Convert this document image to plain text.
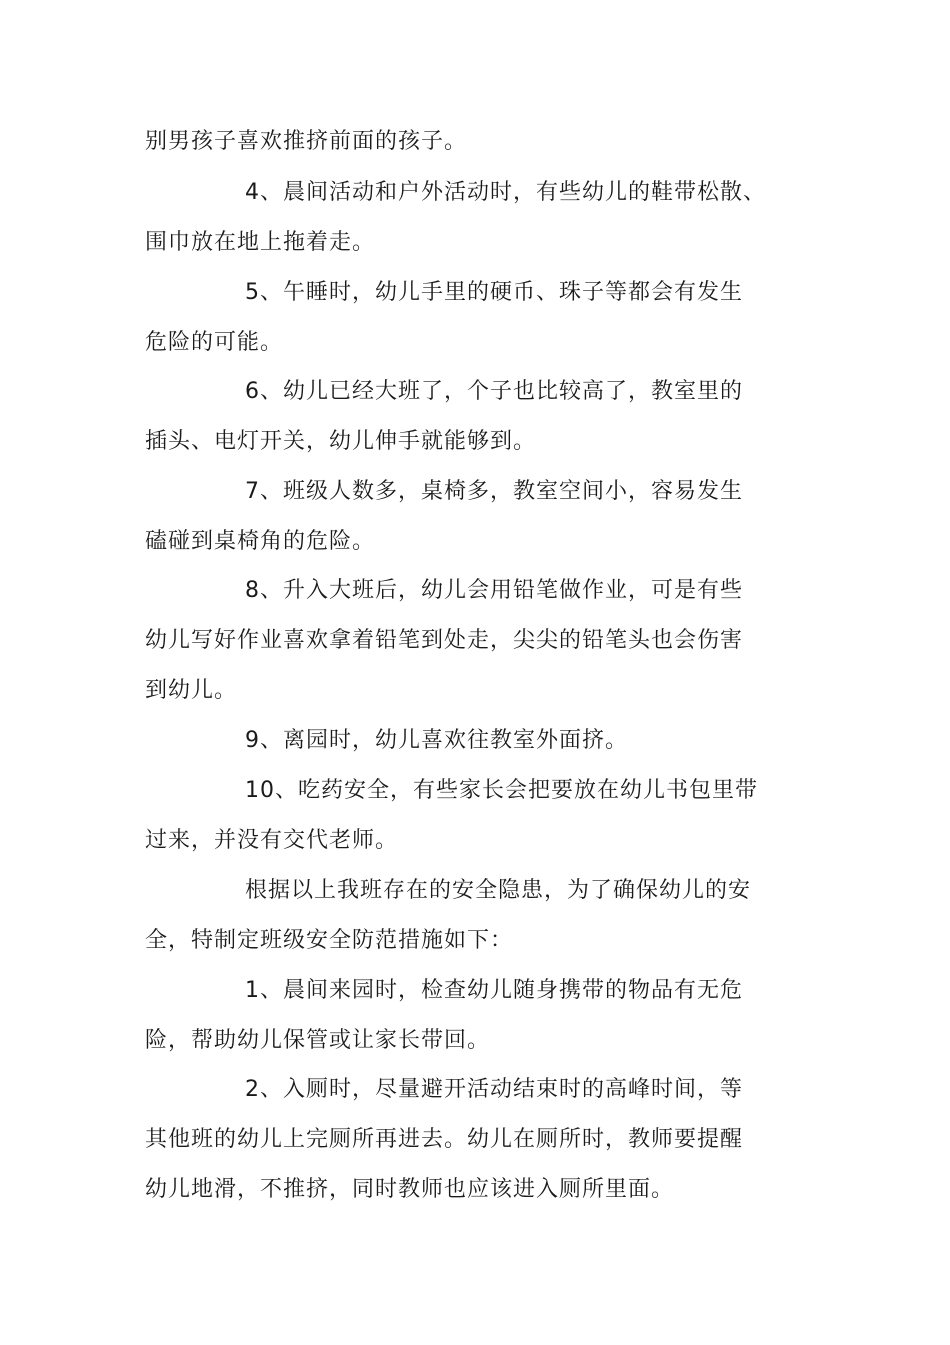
别男孩子喜欢推挤前面的孩子。
4、晨间活动和户外活动时，有些幼儿的鞋带松散、
围巾放在地上拖着走。
5、午睡时，幼儿手里的硬币、珠子等都会有发生
危险的可能。
6、幼儿已经大班了，个子也比较高了，教室里的
插头、电灯开关，幼儿伸手就能够到。
7、班级人数多，桌椅多，教室空间小，容易发生
磕碰到桌椅角的危险。
8、升入大班后，幼儿会用铅笔做作业，可是有些
幼儿写好作业喜欢拿着铅笔到处走，尖尖的铅笔头也会伤害
到幼儿。
9、离园时，幼儿喜欢往教室外面挤。
10、吃药安全，有些家长会把要放在幼儿书包里带
过来，并没有交代老师。
根据以上我班存在的安全隐患，为了确保幼儿的安
全，特制定班级安全防范措施如下：
1、晨间来园时，检查幼儿随身携带的物品有无危
险，帮助幼儿保管或让家长带回。
2、入厕时，尽量避开活动结束时的高峰时间，等
其他班的幼儿上完厕所再进去。幼儿在厕所时，教师要提醒
幼儿地滑，不推挤，同时教师也应该进入厕所里面。
